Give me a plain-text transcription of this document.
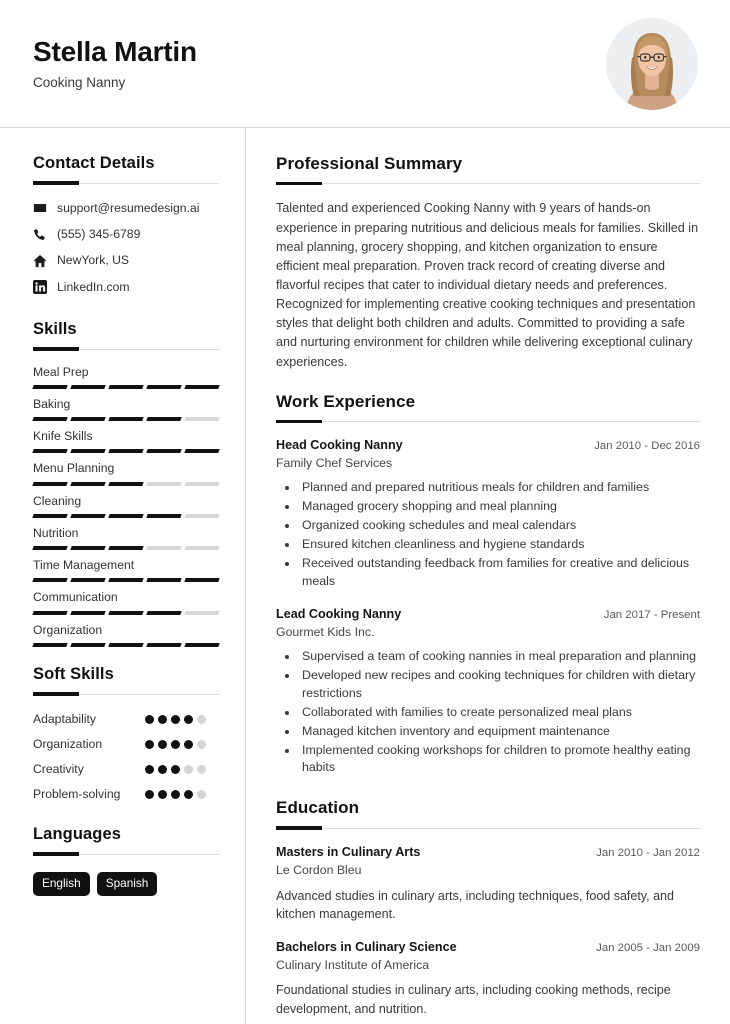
Stella Martin
Cooking Nanny
Contact Details
support@resumedesign.ai
(555) 345-6789
NewYork, US
LinkedIn.com
Skills
Meal Prep
Baking
Knife Skills
Menu Planning
Cleaning
Nutrition
Time Management
Communication
Organization
Soft Skills
Adaptability
Organization
Creativity
Problem-solving
Languages
English	Spanish
Professional Summary

Talented and experienced Cooking Nanny with 9 years of hands-on experience in preparing nutritious and delicious meals for families. Skilled in meal planning, grocery shopping, and kitchen organization to ensure efficient meal preparation. Proven track record of creating diverse and flavorful recipes that cater to individual dietary needs and preferences. Recognized for implementing creative cooking techniques and presentation styles that delight both children and adults. Committed to providing a safe and nurturing environment for children while delivering exceptional culinary experiences.

Work Experience
Head Cooking Nanny	Jan 2010 - Dec 2016
Family Chef Services
• Planned and prepared nutritious meals for children and families
• Managed grocery shopping and meal planning
• Organized cooking schedules and meal calendars
• Ensured kitchen cleanliness and hygiene standards
• Received outstanding feedback from families for creative and delicious meals
Lead Cooking Nanny	Jan 2017 - Present
Gourmet Kids Inc.
• Supervised a team of cooking nannies in meal preparation and planning
• Developed new recipes and cooking techniques for children with dietary restrictions
• Collaborated with families to create personalized meal plans
• Managed kitchen inventory and equipment maintenance
• Implemented cooking workshops for children to promote healthy eating habits
Education
Masters in Culinary Arts	Jan 2010 - Jan 2012
Le Cordon Bleu
Advanced studies in culinary arts, including techniques, food safety, and kitchen management.
Bachelors in Culinary Science	Jan 2005 - Jan 2009
Culinary Institute of America
Foundational studies in culinary arts, including cooking methods, recipe development, and nutrition.
